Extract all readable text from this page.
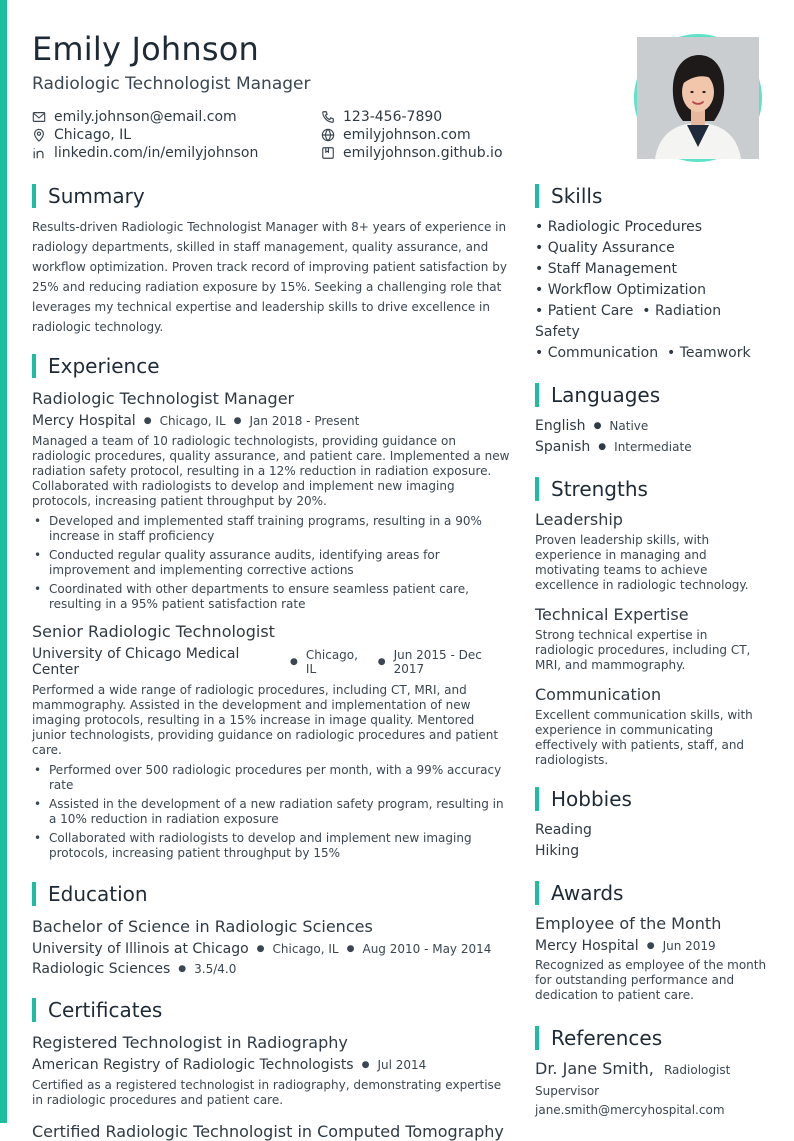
Emily Johnson
Radiologic Technologist Manager
emily.johnson@email.com	123-456-7890
Chicago, IL	emilyjohnson.com
linkedin.com/in/emilyjohnson	emilyjohnson.github.io
Summary
Results-driven Radiologic Technologist Manager with 8+ years of experience in radiology departments, skilled in staff management, quality assurance, and workflow optimization. Proven track record of improving patient satisfaction by 25% and reducing radiation exposure by 15%. Seeking a challenging role that leverages my technical expertise and leadership skills to drive excellence in radiologic technology.
Experience
Radiologic Technologist Manager
Mercy Hospital ● Chicago, IL ● Jan 2018 - Present
Managed a team of 10 radiologic technologists, providing guidance on radiologic procedures, quality assurance, and patient care. Implemented a new radiation safety protocol, resulting in a 12% reduction in radiation exposure. Collaborated with radiologists to develop and implement new imaging protocols, increasing patient throughput by 20%.
• Developed and implemented staff training programs, resulting in a 90% increase in staff proficiency
• Conducted regular quality assurance audits, identifying areas for improvement and implementing corrective actions
• Coordinated with other departments to ensure seamless patient care, resulting in a 95% patient satisfaction rate
Senior Radiologic Technologist
University of Chicago Medical Center	● Chicago, IL	● Jun 2015 - Dec 2017
Performed a wide range of radiologic procedures, including CT, MRI, and mammography. Assisted in the development and implementation of new imaging protocols, resulting in a 15% increase in image quality. Mentored junior technologists, providing guidance on radiologic procedures and patient care.
• Performed over 500 radiologic procedures per month, with a 99% accuracy rate
• Assisted in the development of a new radiation safety program, resulting in a 10% reduction in radiation exposure
• Collaborated with radiologists to develop and implement new imaging protocols, increasing patient throughput by 15%
Education
Bachelor of Science in Radiologic Sciences
University of Illinois at Chicago ● Chicago, IL ● Aug 2010 - May 2014
Radiologic Sciences ● 3.5/4.0
Certificates
Registered Technologist in Radiography
American Registry of Radiologic Technologists ● Jul 2014
Certified as a registered technologist in radiography, demonstrating expertise in radiologic procedures and patient care.
Certified Radiologic Technologist in Computed Tomography
Skills
• Radiologic Procedures
• Quality Assurance
• Staff Management
• Workflow Optimization
• Patient Care  • Radiation Safety
• Communication  • Teamwork
Languages
English ● Native
Spanish ● Intermediate
Strengths
Leadership
Proven leadership skills, with experience in managing and motivating teams to achieve excellence in radiologic technology.
Technical Expertise
Strong technical expertise in radiologic procedures, including CT, MRI, and mammography.
Communication
Excellent communication skills, with experience in communicating effectively with patients, staff, and radiologists.
Hobbies
Reading
Hiking
Awards
Employee of the Month
Mercy Hospital ● Jun 2019
Recognized as employee of the month for outstanding performance and dedication to patient care.
References
Dr. Jane Smith, Radiologist Supervisor
jane.smith@mercyhospital.com
